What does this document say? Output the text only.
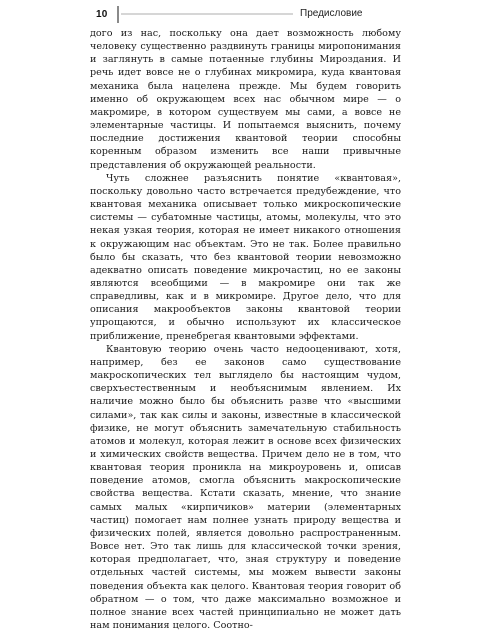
10	Предисловие

дого из нас, поскольку она дает возможность любому человеку существенно раздвинуть границы миропонимания и заглянуть в самые потаенные глубины Мироздания. И речь идет вовсе не о глубинах микромира, куда квантовая механика была нацелена прежде. Мы будем говорить именно об окружающем всех нас обычном мире — о макромире, в котором существуем мы сами, а вовсе не элементарные частицы. И попытаемся выяснить, почему последние достижения квантовой теории способны коренным образом изменить все наши привычные представления об окружающей реальности.

Чуть сложнее разъяснить понятие «квантовая», поскольку довольно часто встречается предубеждение, что квантовая механика описывает только микроскопические системы — субатомные частицы, атомы, молекулы, что это некая узкая теория, которая не имеет никакого отношения к окружающим нас объектам. Это не так. Более правильно было бы сказать, что без квантовой теории невозможно адекватно описать поведение микрочастиц, но ее законы являются всеобщими — в макромире они так же справедливы, как и в микромире. Другое дело, что для описания макрообъектов законы квантовой теории упрощаются, и обычно используют их классическое приближение, пренебрегая квантовыми эффектами.

Квантовую теорию очень часто недооценивают, хотя, например, без ее законов само существование макроскопических тел выглядело бы настоящим чудом, сверхъестественным и необъяснимым явлением. Их наличие можно было бы объяснить разве что «высшими силами», так как силы и законы, известные в классической физике, не могут объяснить замечательную стабильность атомов и молекул, которая лежит в основе всех физических и химических свойств вещества. Причем дело не в том, что квантовая теория проникла на микроуровень и, описав поведение атомов, смогла объяснить макроскопические свойства вещества. Кстати сказать, мнение, что знание самых малых «кирпичиков» материи (элементарных частиц) помогает нам полнее узнать природу вещества и физических полей, является довольно распространенным. Вовсе нет. Это так лишь для классической точки зрения, которая предполагает, что, зная структуру и поведение отдельных частей системы, мы можем вывести законы поведения объекта как целого. Квантовая теория говорит об обратном — о том, что даже максимально возможное и полное знание всех частей принципиально не может дать нам понимания целого. Соотно-
